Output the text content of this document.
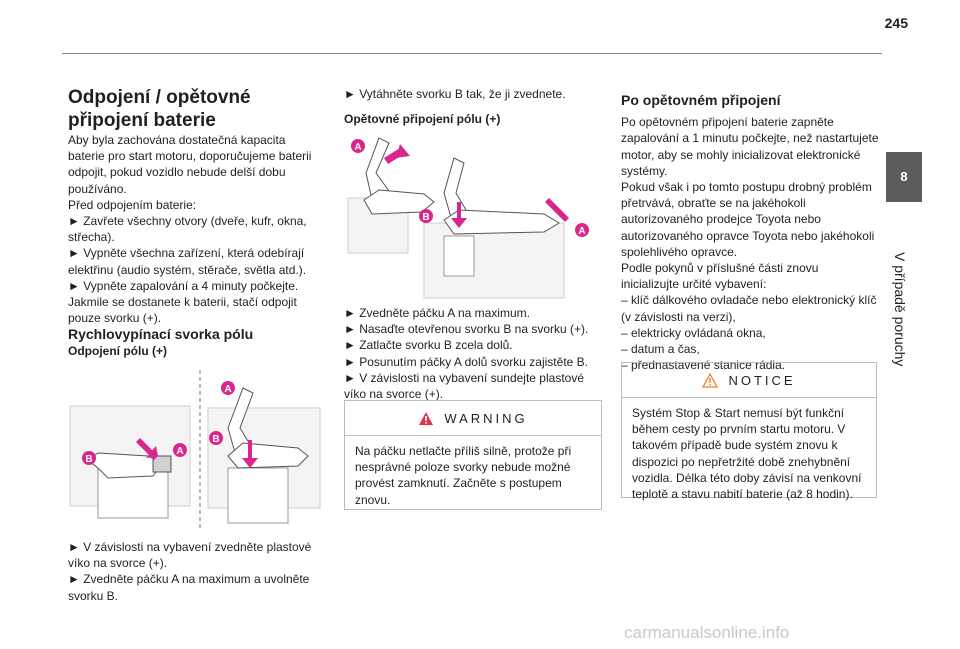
245
8
V případě poruchy

Odpojení / opětovné připojení baterie

Aby byla zachována dostatečná kapacita baterie pro start motoru, doporučujeme baterii odpojit, pokud vozidlo nebude delší dobu používáno.

Před odpojením baterie:

► Zavřete všechny otvory (dveře, kufr, okna, střecha).

► Vypněte všechna zařízení, která odebírají elektřinu (audio systém, stěrače, světla atd.).

► Vypněte zapalování a 4 minuty počkejte.

Jakmile se dostanete k baterii, stačí odpojit pouze svorku (+).

Rychlovypínací svorka pólu

Odpojení pólu (+)

A
B
A
B

► V závislosti na vybavení zvedněte plastové víko na svorce (+).

► Zvedněte páčku A na maximum a uvolněte svorku B.

► Vytáhněte svorku B tak, že ji zvednete.

Opětovné připojení pólu (+)

A
B
A

► Zvedněte páčku A na maximum.

► Nasaďte otevřenou svorku B na svorku (+).

► Zatlačte svorku B zcela dolů.

► Posunutím páčky A dolů svorku zajistěte B.

► V závislosti na vybavení sundejte plastové víko na svorce (+).

WARNING
Na páčku netlačte příliš silně, protože při nesprávné poloze svorky nebude možné provést zamknutí. Začněte s postupem znovu.

Po opětovném připojení

Po opětovném připojení baterie zapněte zapalování a 1 minutu počkejte, než nastartujete motor, aby se mohly inicializovat elektronické systémy.

Pokud však i po tomto postupu drobný problém přetrvává, obraťte se na jakéhokoli autorizovaného prodejce Toyota nebo autorizovaného opravce Toyota nebo jakéhokoli spolehlivého opravce.

Podle pokynů v příslušné části znovu inicializujte určité vybavení:

– klíč dálkového ovladače nebo elektronický klíč (v závislosti na verzi),

– elektricky ovládaná okna,

– datum a čas,

– přednastavené stanice rádia.

NOTICE
Systém Stop & Start nemusí být funkční během cesty po prvním startu motoru. V takovém případě bude systém znovu k dispozici po nepřetržité době znehybnění vozidla. Délka této doby závisí na venkovní teplotě a stavu nabití baterie (až 8 hodin).
carmanualsonline.info
